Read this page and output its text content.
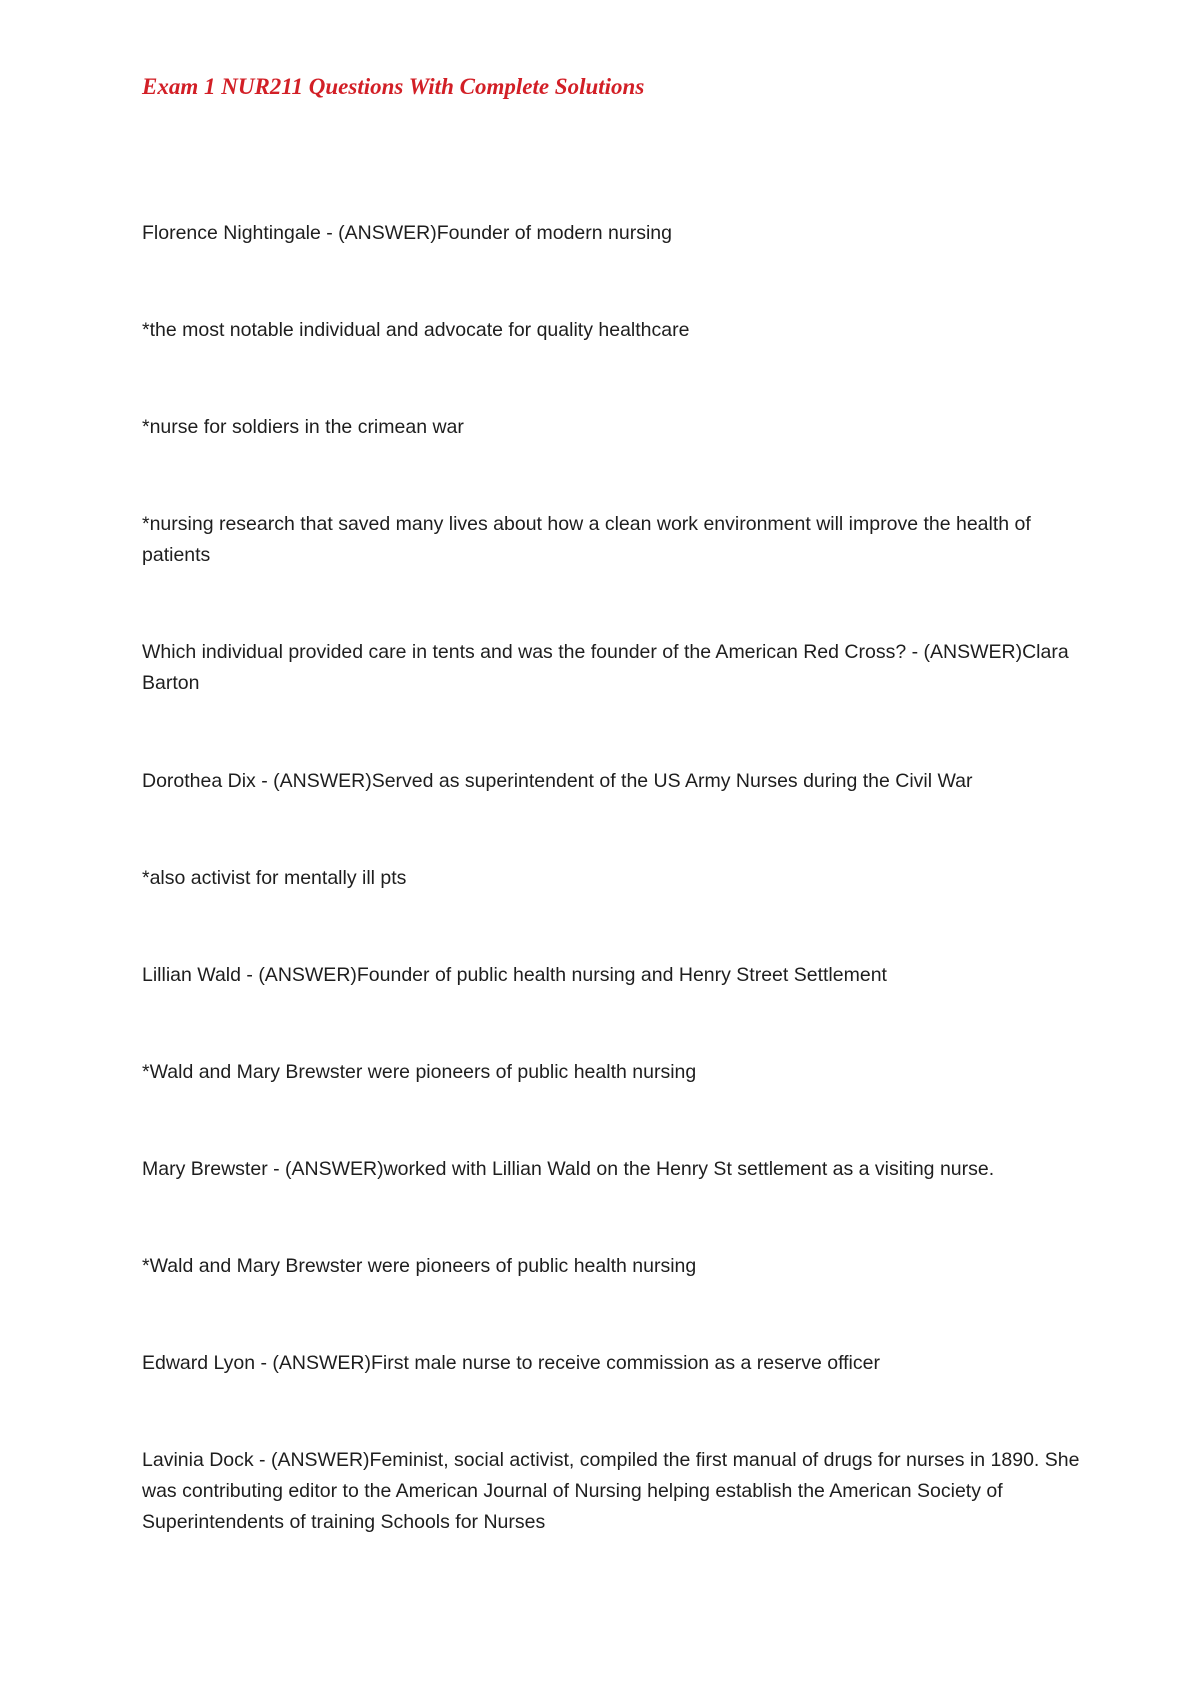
Exam 1 NUR211 Questions With Complete Solutions

Florence Nightingale - (ANSWER)Founder of modern nursing

*the most notable individual and advocate for quality healthcare

*nurse for soldiers in the crimean war

*nursing research that saved many lives about how a clean work environment will improve the health of patients

Which individual provided care in tents and was the founder of the American Red Cross? - (ANSWER)Clara Barton

Dorothea Dix - (ANSWER)Served as superintendent of the US Army Nurses during the Civil War

*also activist for mentally ill pts

Lillian Wald - (ANSWER)Founder of public health nursing and Henry Street Settlement

*Wald and Mary Brewster were pioneers of public health nursing

Mary Brewster - (ANSWER)worked with Lillian Wald on the Henry St settlement as a visiting nurse.

*Wald and Mary Brewster were pioneers of public health nursing

Edward Lyon - (ANSWER)First male nurse to receive commission as a reserve officer

Lavinia Dock - (ANSWER)Feminist, social activist, compiled the first manual of drugs for nurses in 1890. She was contributing editor to the American Journal of Nursing helping establish the American Society of Superintendents of training Schools for Nurses
